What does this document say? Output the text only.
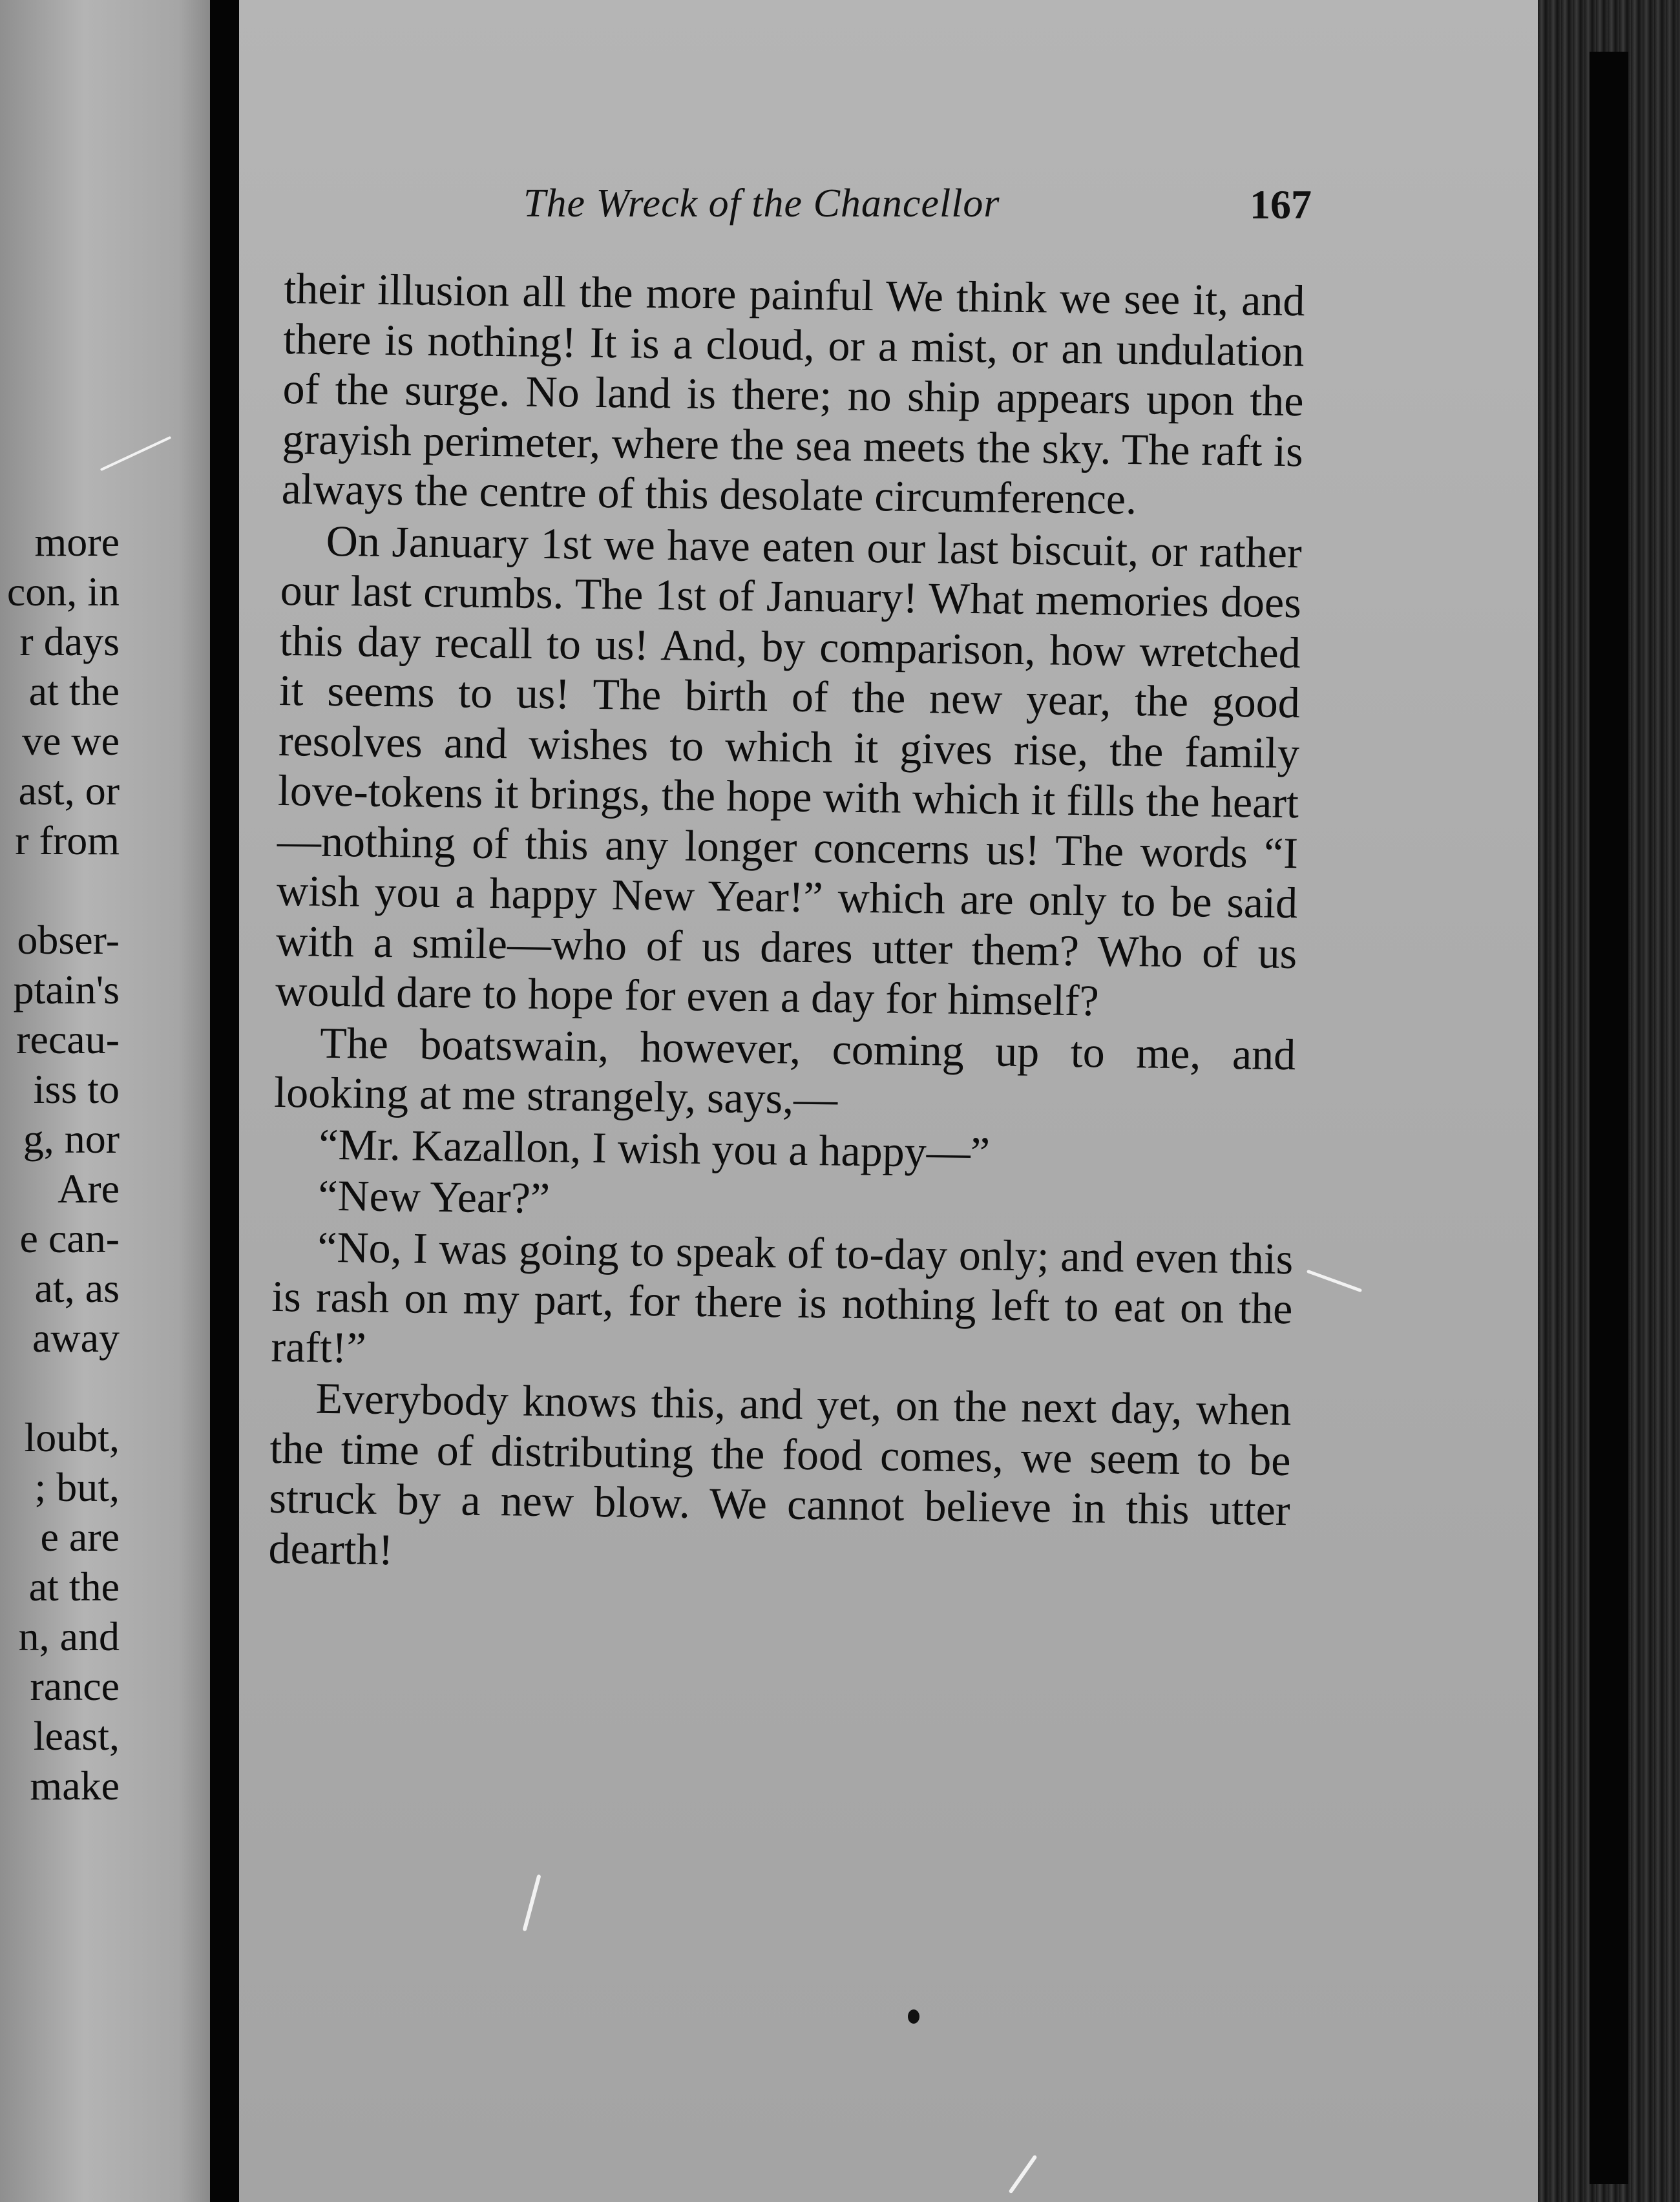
more
con, in
r days
at the
ve we
ast, or
r from
obser-
ptain's
recau-
iss to
g, nor
Are
e can-
at, as
away
loubt,
; but,
e are
at the
n, and
rance
least,
make
The Wreck of the Chancellor	167

their illusion all the more painful We think we see it, and there is nothing! It is a cloud, or a mist, or an undulation of the surge. No land is there; no ship appears upon the grayish perimeter, where the sea meets the sky. The raft is always the centre of this desolate circumference.

On January 1st we have eaten our last biscuit, or rather our last crumbs. The 1st of January! What memories does this day recall to us! And, by comparison, how wretched it seems to us! The birth of the new year, the good resolves and wishes to which it gives rise, the family love-tokens it brings, the hope with which it fills the heart—nothing of this any longer concerns us! The words “I wish you a happy New Year!” which are only to be said with a smile—who of us dares utter them? Who of us would dare to hope for even a day for himself?

The boatswain, however, coming up to me, and looking at me strangely, says,—

“Mr. Kazallon, I wish you a happy—”

“New Year?”

“No, I was going to speak of to-day only; and even this is rash on my part, for there is nothing left to eat on the raft!”

Everybody knows this, and yet, on the next day, when the time of distributing the food comes, we seem to be struck by a new blow. We cannot believe in this utter dearth!
